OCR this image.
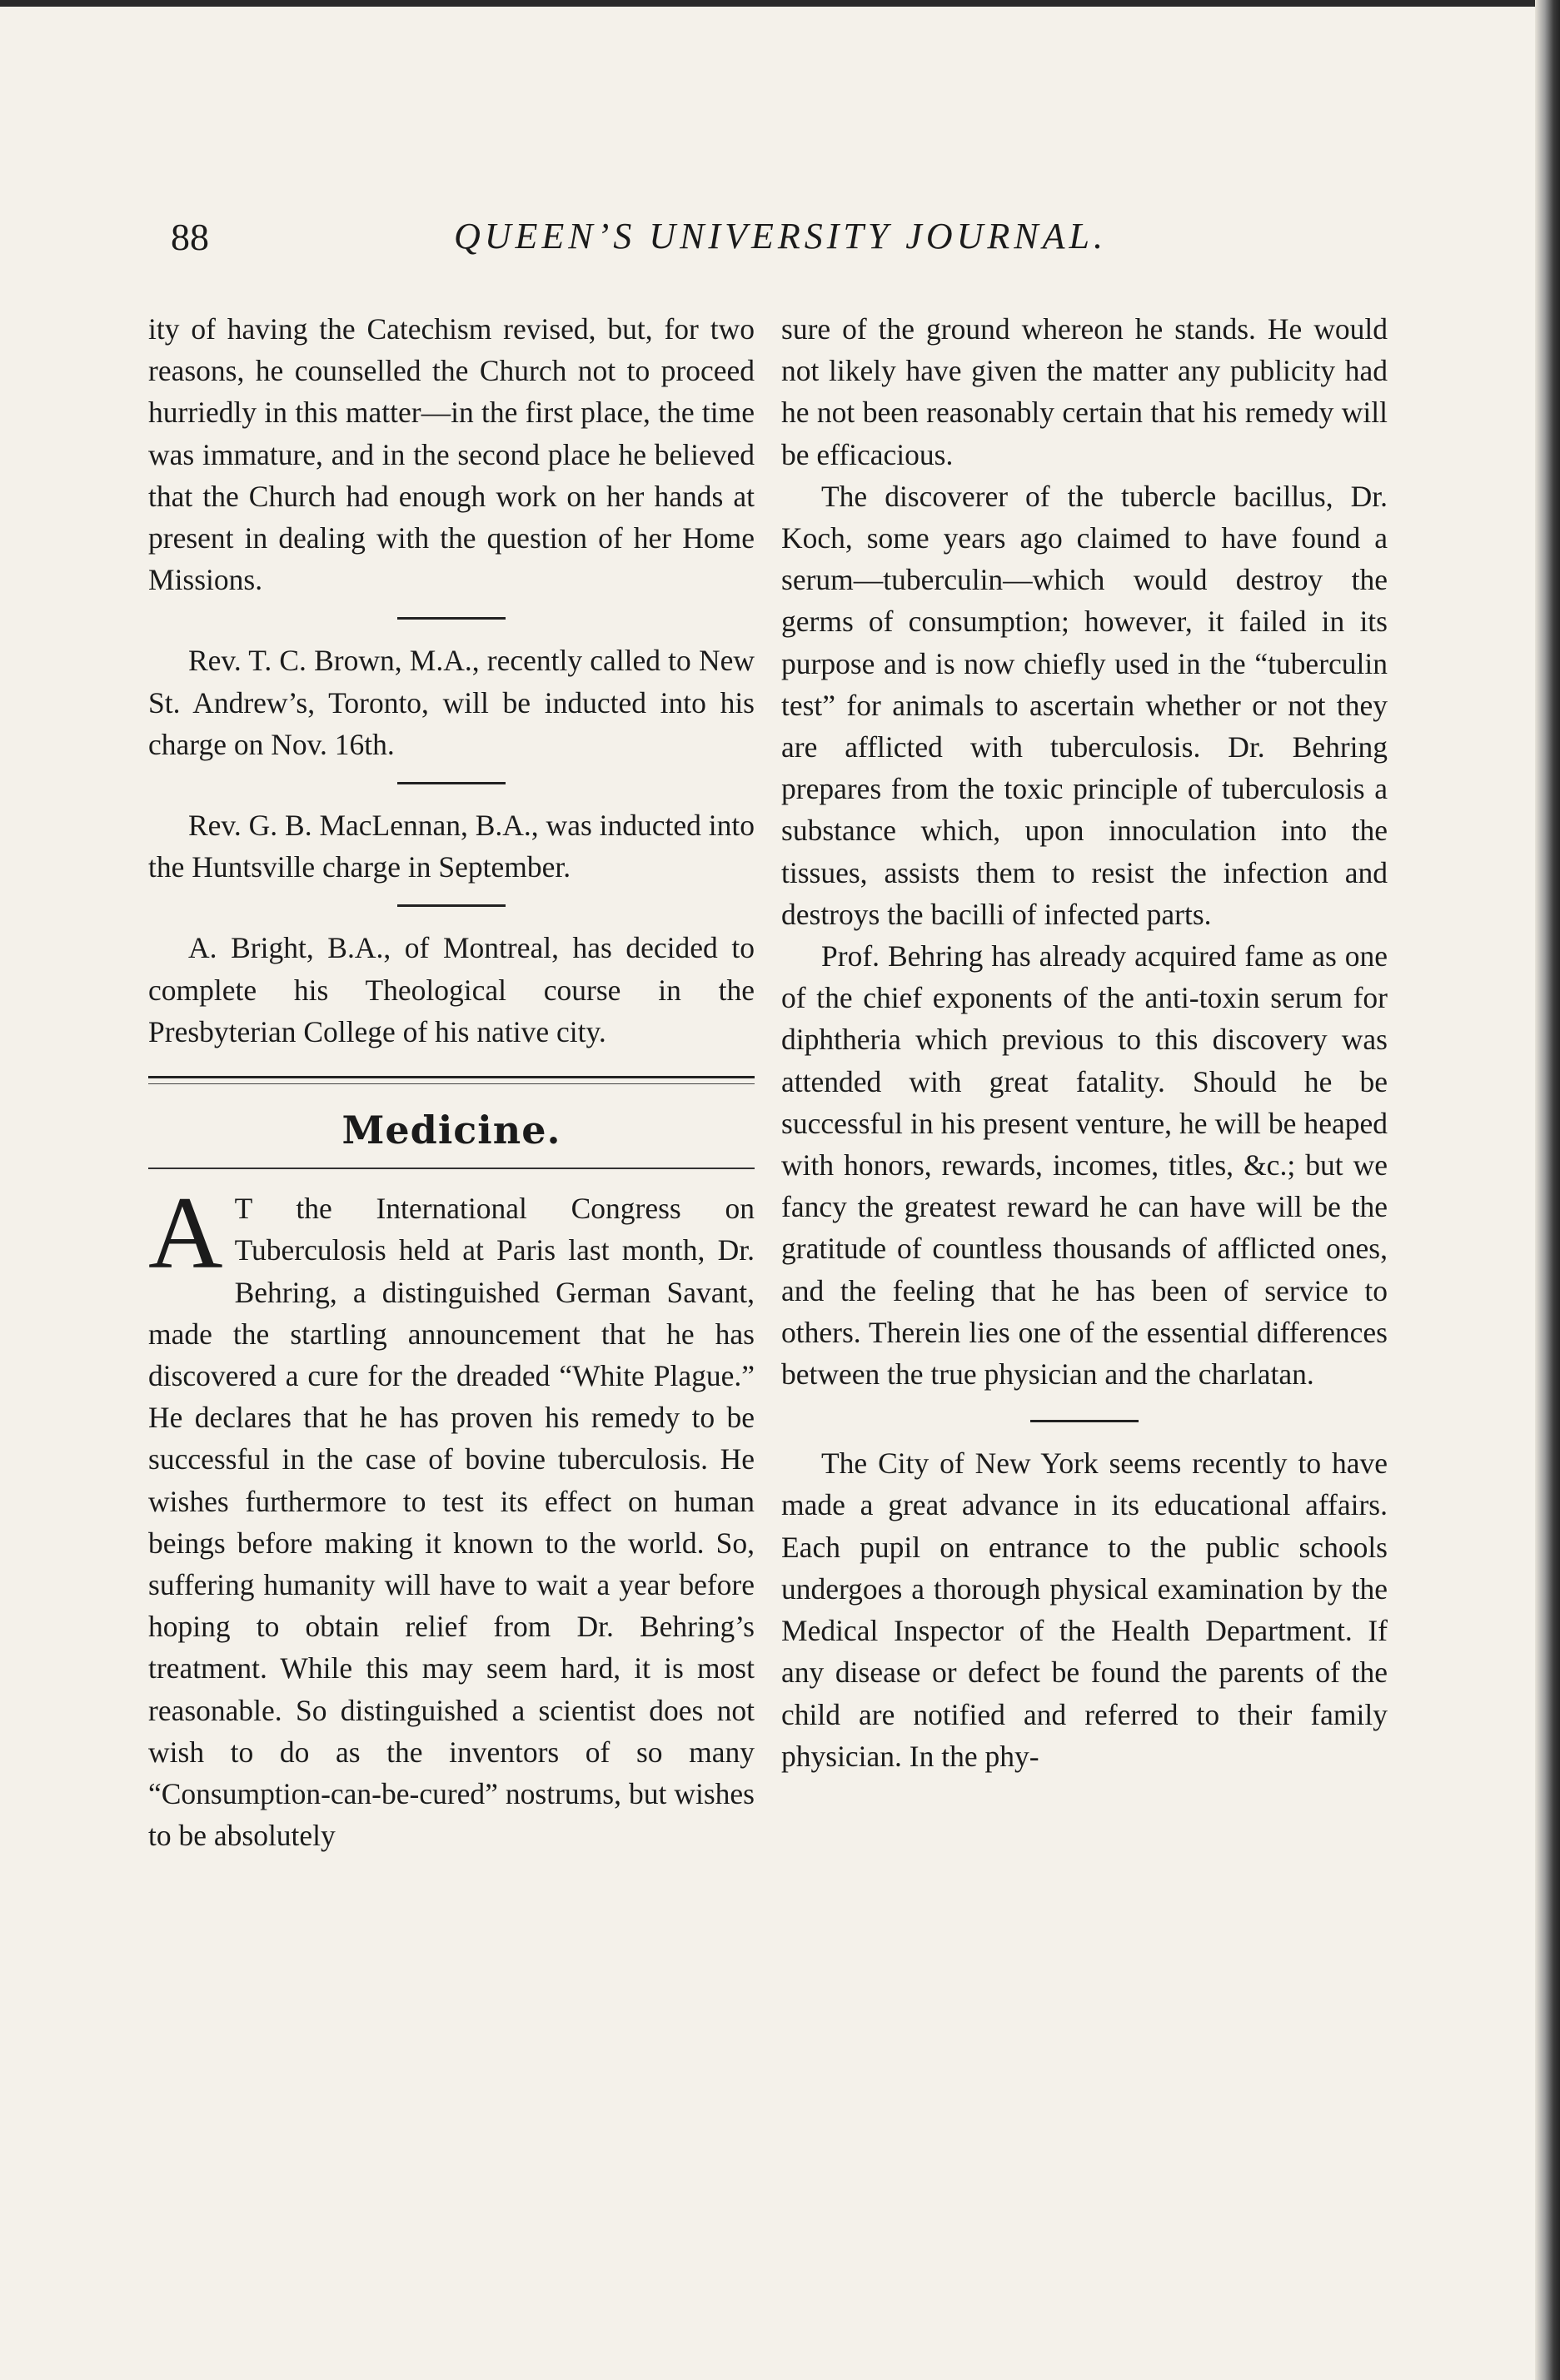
88	QUEEN’S UNIVERSITY JOURNAL.

ity of having the Catechism revised, but, for two reasons, he counselled the Church not to proceed hurriedly in this matter—in the first place, the time was immature, and in the second place he believed that the Church had enough work on her hands at present in dealing with the question of her Home Missions.

Rev. T. C. Brown, M.A., recently called to New St. Andrew’s, Toronto, will be inducted into his charge on Nov. 16th.

Rev. G. B. MacLennan, B.A., was inducted into the Huntsville charge in September.

A. Bright, B.A., of Montreal, has decided to complete his Theological course in the Presbyterian College of his native city.

Medicine.

A T the International Congress on Tuberculosis held at Paris last month, Dr. Behring, a distinguished German Savant, made the startling announcement that he has discovered a cure for the dreaded “White Plague.” He declares that he has proven his remedy to be successful in the case of bovine tuberculosis. He wishes furthermore to test its effect on human beings before making it known to the world. So, suffering humanity will have to wait a year before hoping to obtain relief from Dr. Behring’s treatment. While this may seem hard, it is most reasonable. So distinguished a scientist does not wish to do as the inventors of so many “Consumption-can-be-cured” nostrums, but wishes to be absolutely

sure of the ground whereon he stands. He would not likely have given the matter any publicity had he not been reasonably certain that his remedy will be efficacious.

The discoverer of the tubercle bacillus, Dr. Koch, some years ago claimed to have found a serum—tuberculin—which would destroy the germs of consumption; however, it failed in its purpose and is now chiefly used in the “tuberculin test” for animals to ascertain whether or not they are afflicted with tuberculosis. Dr. Behring prepares from the toxic principle of tuberculosis a substance which, upon innoculation into the tissues, assists them to resist the infection and destroys the bacilli of infected parts.

Prof. Behring has already acquired fame as one of the chief exponents of the anti-toxin serum for diphtheria which previous to this discovery was attended with great fatality. Should he be successful in his present venture, he will be heaped with honors, rewards, incomes, titles, &c.; but we fancy the greatest reward he can have will be the gratitude of countless thousands of afflicted ones, and the feeling that he has been of service to others. Therein lies one of the essential differences between the true physician and the charlatan.

The City of New York seems recently to have made a great advance in its educational affairs. Each pupil on entrance to the public schools undergoes a thorough physical examination by the Medical Inspector of the Health Department. If any disease or defect be found the parents of the child are notified and referred to their family physician. In the phy-
